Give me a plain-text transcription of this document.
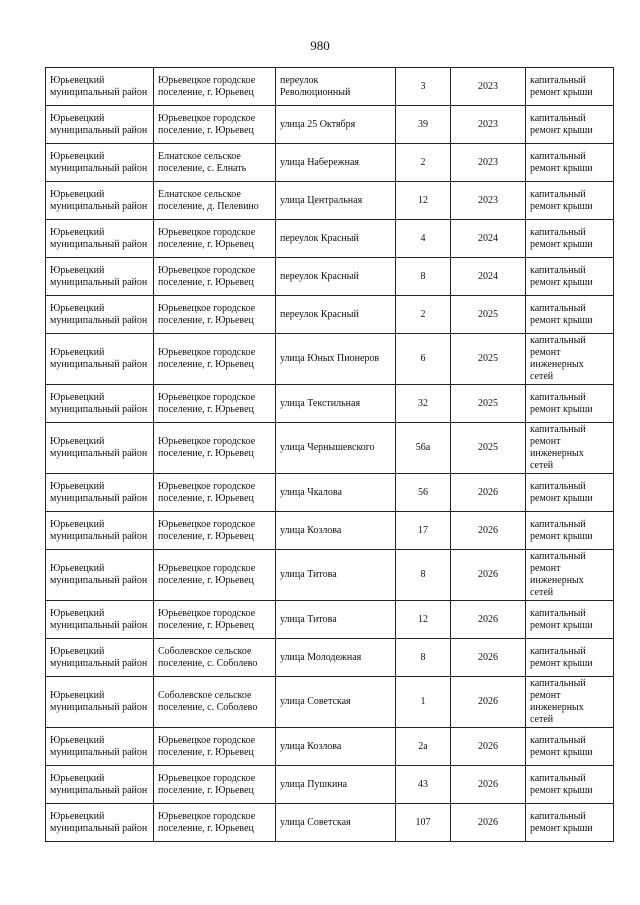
980
Юрьевецкий муниципальный район	Юрьевецкое городское поселение, г. Юрьевец	переулок Революционный	3	2023	капитальный ремонт крыши
Юрьевецкий муниципальный район	Юрьевецкое городское поселение, г. Юрьевец	улица 25 Октября	39	2023	капитальный ремонт крыши
Юрьевецкий муниципальный район	Елнатское сельское поселение, с. Елнать	улица Набережная	2	2023	капитальный ремонт крыши
Юрьевецкий муниципальный район	Елнатское сельское поселение, д. Пелевино	улица Центральная	12	2023	капитальный ремонт крыши
Юрьевецкий муниципальный район	Юрьевецкое городское поселение, г. Юрьевец	переулок Красный	4	2024	капитальный ремонт крыши
Юрьевецкий муниципальный район	Юрьевецкое городское поселение, г. Юрьевец	переулок Красный	8	2024	капитальный ремонт крыши
Юрьевецкий муниципальный район	Юрьевецкое городское поселение, г. Юрьевец	переулок Красный	2	2025	капитальный ремонт крыши
Юрьевецкий муниципальный район	Юрьевецкое городское поселение, г. Юрьевец	улица Юных Пионеров	6	2025	капитальный ремонт инженерных сетей
Юрьевецкий муниципальный район	Юрьевецкое городское поселение, г. Юрьевец	улица Текстильная	32	2025	капитальный ремонт крыши
Юрьевецкий муниципальный район	Юрьевецкое городское поселение, г. Юрьевец	улица Чернышевского	56а	2025	капитальный ремонт инженерных сетей
Юрьевецкий муниципальный район	Юрьевецкое городское поселение, г. Юрьевец	улица Чкалова	56	2026	капитальный ремонт крыши
Юрьевецкий муниципальный район	Юрьевецкое городское поселение, г. Юрьевец	улица Козлова	17	2026	капитальный ремонт крыши
Юрьевецкий муниципальный район	Юрьевецкое городское поселение, г. Юрьевец	улица Титова	8	2026	капитальный ремонт инженерных сетей
Юрьевецкий муниципальный район	Юрьевецкое городское поселение, г. Юрьевец	улица Титова	12	2026	капитальный ремонт крыши
Юрьевецкий муниципальный район	Соболевское сельское поселение, с. Соболево	улица Молодежная	8	2026	капитальный ремонт крыши
Юрьевецкий муниципальный район	Соболевское сельское поселение, с. Соболево	улица Советская	1	2026	капитальный ремонт инженерных сетей
Юрьевецкий муниципальный район	Юрьевецкое городское поселение, г. Юрьевец	улица Козлова	2а	2026	капитальный ремонт крыши
Юрьевецкий муниципальный район	Юрьевецкое городское поселение, г. Юрьевец	улица Пушкина	43	2026	капитальный ремонт крыши
Юрьевецкий муниципальный район	Юрьевецкое городское поселение, г. Юрьевец	улица Советская	107	2026	капитальный ремонт крыши
